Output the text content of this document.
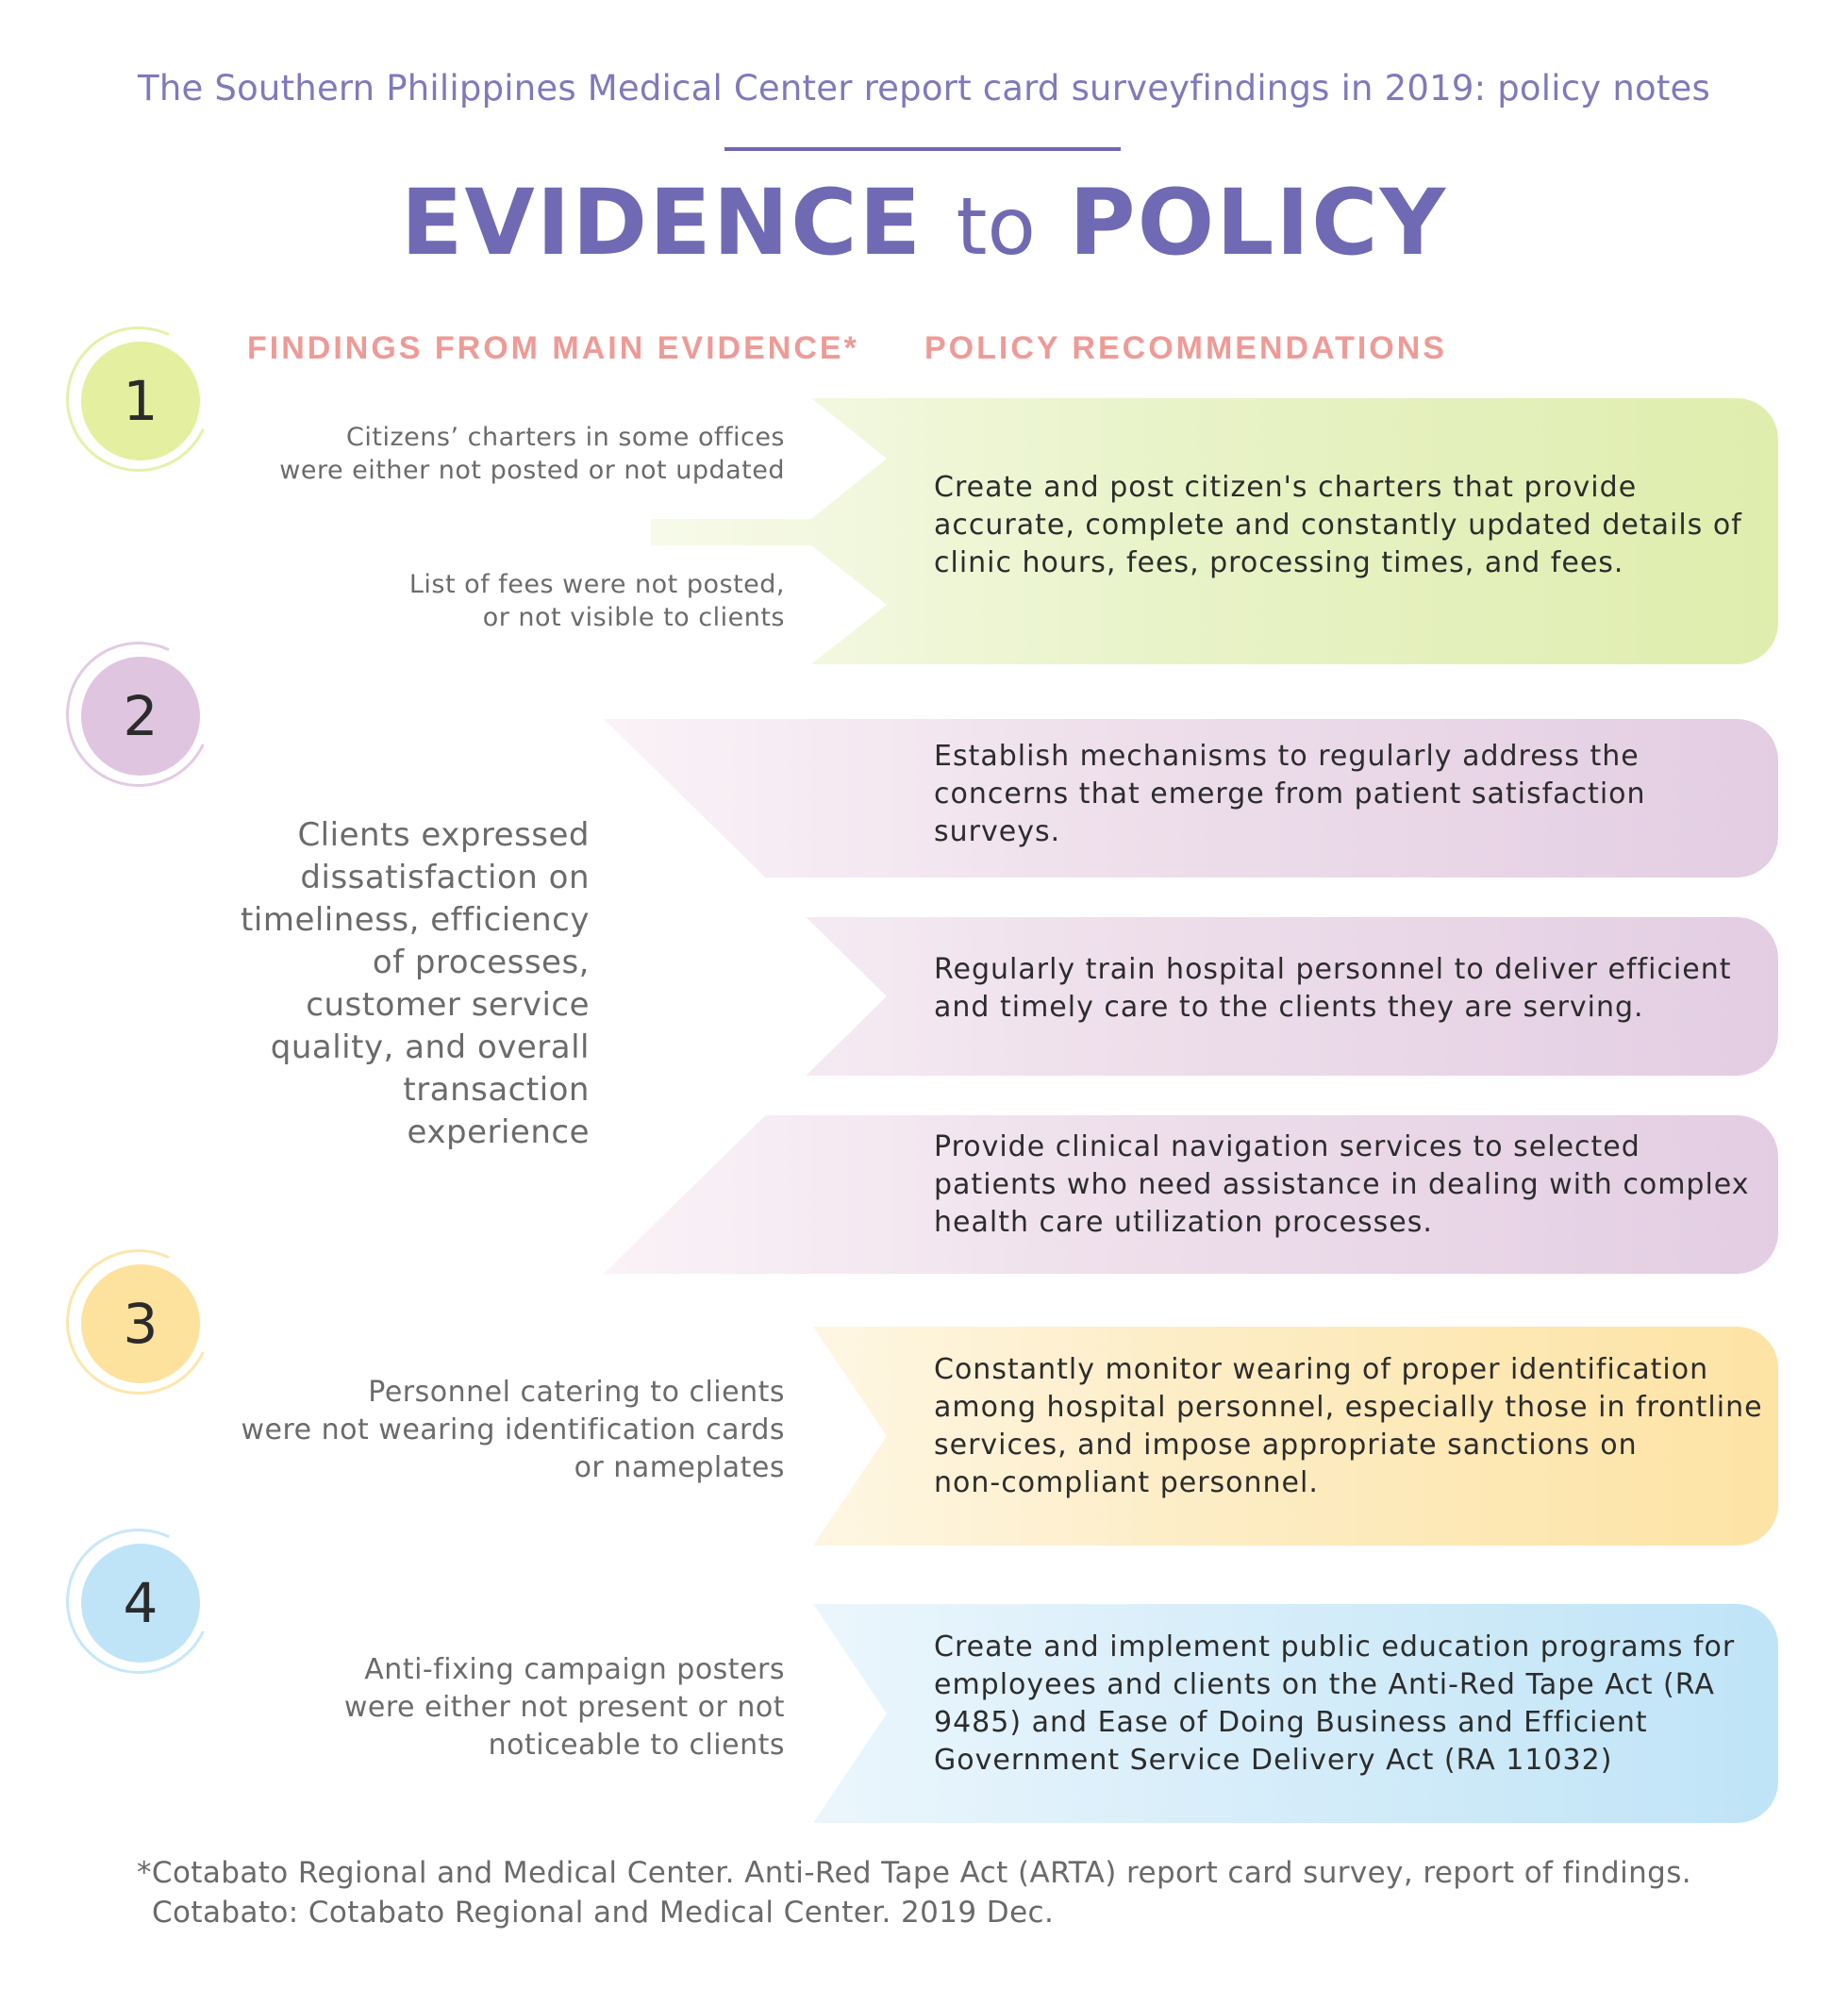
The Southern Philippines Medical Center report card surveyfindings in 2019: policy notes
EVIDENCE to POLICY
FINDINGS FROM MAIN EVIDENCE* POLICY RECOMMENDATIONS
Citizens’ charters in some offices
were either not posted or not updated
List of fees were not posted,
or not visible to clients
Clients expressed
dissatisfaction on
timeliness, efficiency
of processes,
customer service
quality, and overall
transaction
experience
Personnel catering to clients
were not wearing identification cards
or nameplates
Anti-fixing campaign posters
were either not present or not
noticeable to clients
Create and post citizen's charters that provide
accurate, complete and constantly updated details of
clinic hours, fees, processing times, and fees.
Establish mechanisms to regularly address the
concerns that emerge from patient satisfaction
surveys.
Regularly train hospital personnel to deliver efficient
and timely care to the clients they are serving.
Provide clinical navigation services to selected
patients who need assistance in dealing with complex
health care utilization processes.
Constantly monitor wearing of proper identification
among hospital personnel, especially those in frontline
services, and impose appropriate sanctions on
non-compliant personnel.
Create and implement public education programs for
employees and clients on the Anti-Red Tape Act (RA
9485) and Ease of Doing Business and Efficient
Government Service Delivery Act (RA 11032)
1
2
3
4
*Cotabato Regional and Medical Center. Anti-Red Tape Act (ARTA) report card survey, report of findings.
Cotabato: Cotabato Regional and Medical Center. 2019 Dec.
